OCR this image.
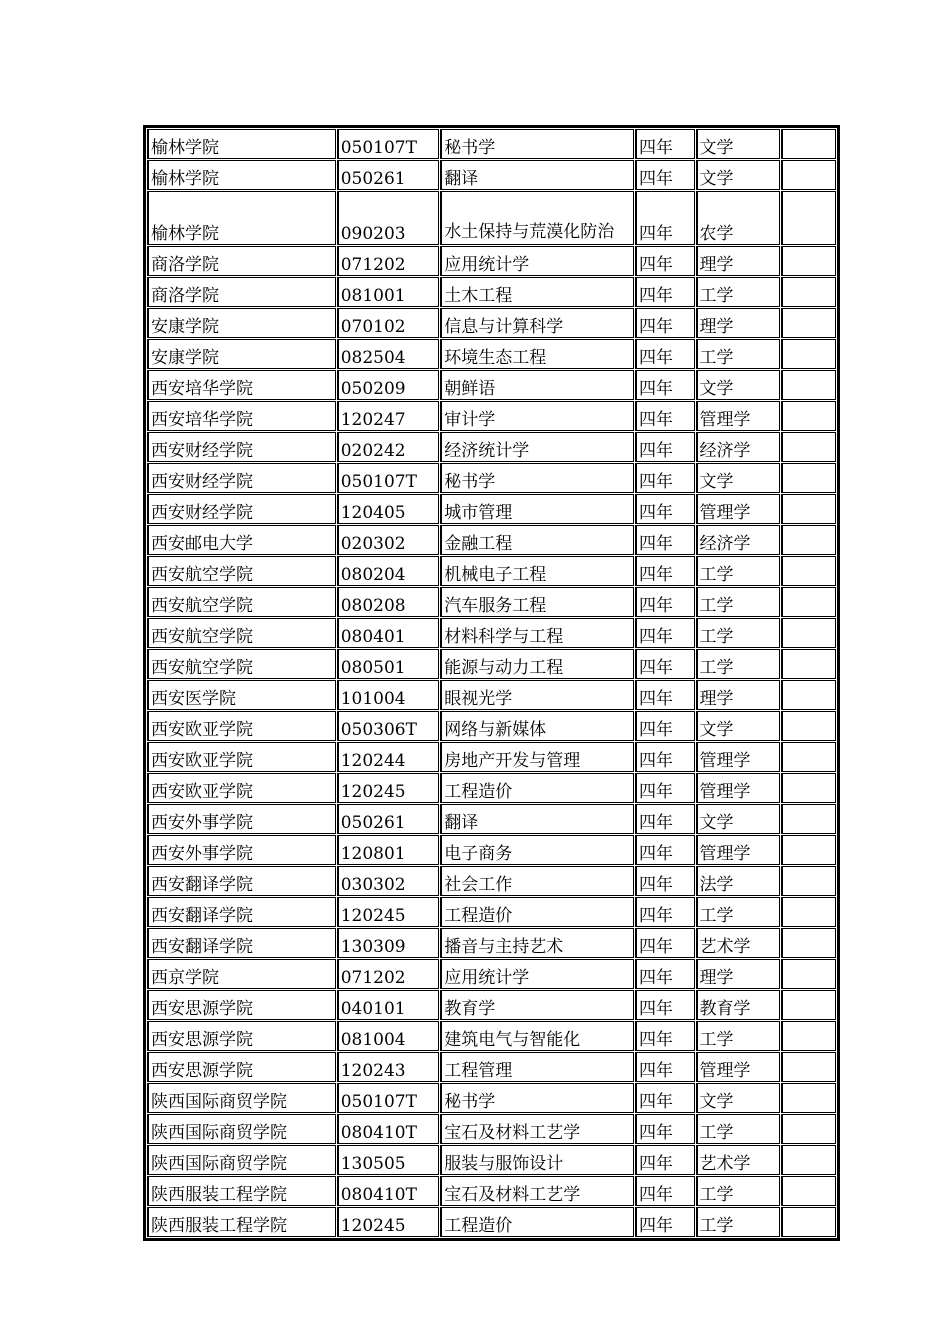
榆林学院	050107T	秘书学	四年	文学	
榆林学院	050261	翻译	四年	文学	
榆林学院	090203	水土保持与荒漠化防治	四年	农学	
商洛学院	071202	应用统计学	四年	理学	
商洛学院	081001	土木工程	四年	工学	
安康学院	070102	信息与计算科学	四年	理学	
安康学院	082504	环境生态工程	四年	工学	
西安培华学院	050209	朝鲜语	四年	文学	
西安培华学院	120247	审计学	四年	管理学	
西安财经学院	020242	经济统计学	四年	经济学	
西安财经学院	050107T	秘书学	四年	文学	
西安财经学院	120405	城市管理	四年	管理学	
西安邮电大学	020302	金融工程	四年	经济学	
西安航空学院	080204	机械电子工程	四年	工学	
西安航空学院	080208	汽车服务工程	四年	工学	
西安航空学院	080401	材料科学与工程	四年	工学	
西安航空学院	080501	能源与动力工程	四年	工学	
西安医学院	101004	眼视光学	四年	理学	
西安欧亚学院	050306T	网络与新媒体	四年	文学	
西安欧亚学院	120244	房地产开发与管理	四年	管理学	
西安欧亚学院	120245	工程造价	四年	管理学	
西安外事学院	050261	翻译	四年	文学	
西安外事学院	120801	电子商务	四年	管理学	
西安翻译学院	030302	社会工作	四年	法学	
西安翻译学院	120245	工程造价	四年	工学	
西安翻译学院	130309	播音与主持艺术	四年	艺术学	
西京学院	071202	应用统计学	四年	理学	
西安思源学院	040101	教育学	四年	教育学	
西安思源学院	081004	建筑电气与智能化	四年	工学	
西安思源学院	120243	工程管理	四年	管理学	
陕西国际商贸学院	050107T	秘书学	四年	文学	
陕西国际商贸学院	080410T	宝石及材料工艺学	四年	工学	
陕西国际商贸学院	130505	服装与服饰设计	四年	艺术学	
陕西服装工程学院	080410T	宝石及材料工艺学	四年	工学	
陕西服装工程学院	120245	工程造价	四年	工学	
